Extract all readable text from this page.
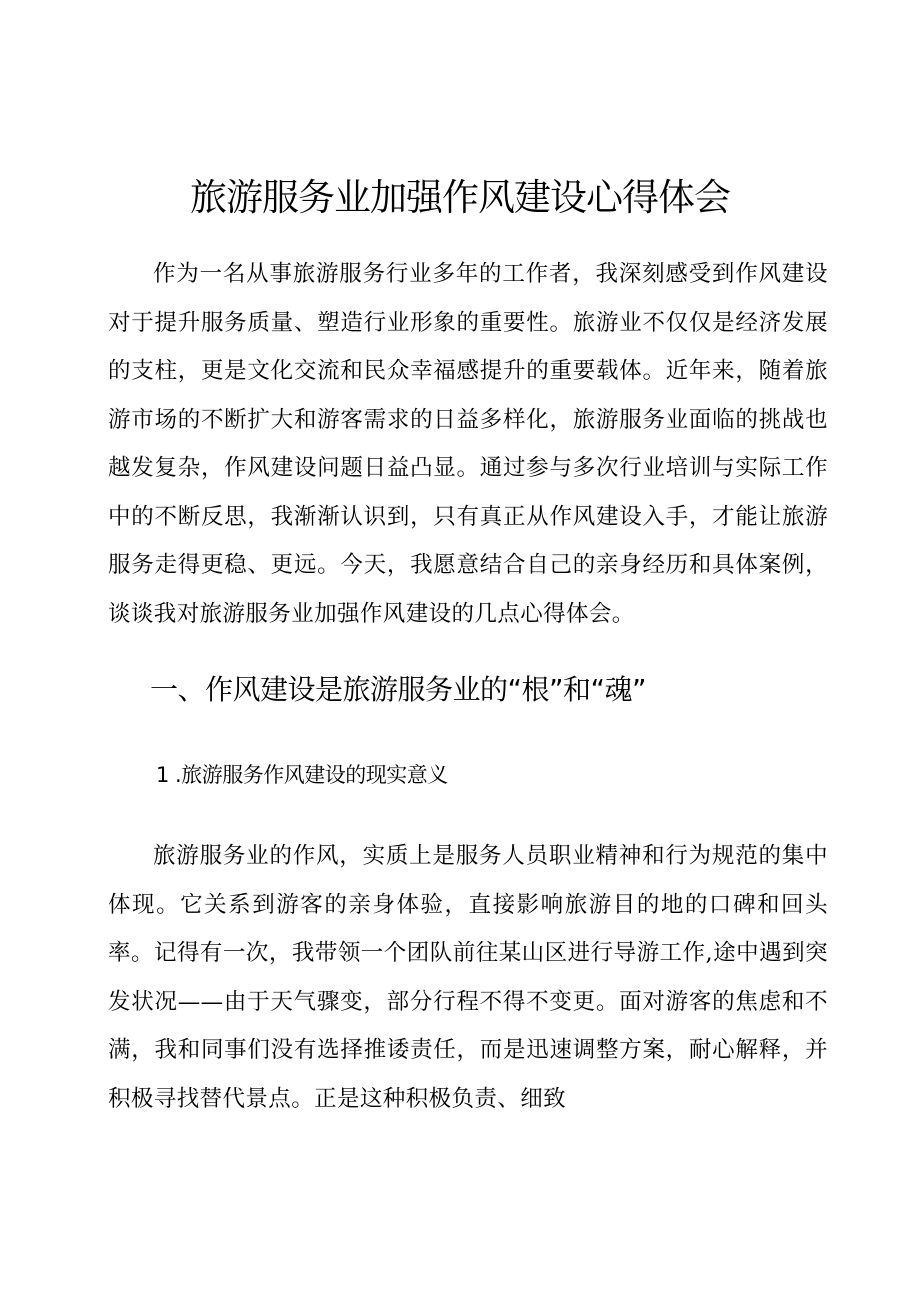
旅游服务业加强作风建设心得体会

作为一名从事旅游服务行业多年的工作者，我深刻感受到作风建设对于提升服务质量、塑造行业形象的重要性。旅游业不仅仅是经济发展的支柱，更是文化交流和民众幸福感提升的重要载体。近年来，随着旅游市场的不断扩大和游客需求的日益多样化，旅游服务业面临的挑战也越发复杂，作风建设问题日益凸显。通过参与多次行业培训与实际工作中的不断反思，我渐渐认识到，只有真正从作风建设入手，才能让旅游服务走得更稳、更远。今天，我愿意结合自己的亲身经历和具体案例，谈谈我对旅游服务业加强作风建设的几点心得体会。

一、作风建设是旅游服务业的“根”和“魂”
1 .旅游服务作风建设的现实意义

旅游服务业的作风，实质上是服务人员职业精神和行为规范的集中体现。它关系到游客的亲身体验，直接影响旅游目的地的口碑和回头率。记得有一次，我带领一个团队前往某山区进行导游工作,途中遇到突发状况——由于天气骤变，部分行程不得不变更。面对游客的焦虑和不满，我和同事们没有选择推诿责任，而是迅速调整方案，耐心解释，并积极寻找替代景点。正是这种积极负责、细致
